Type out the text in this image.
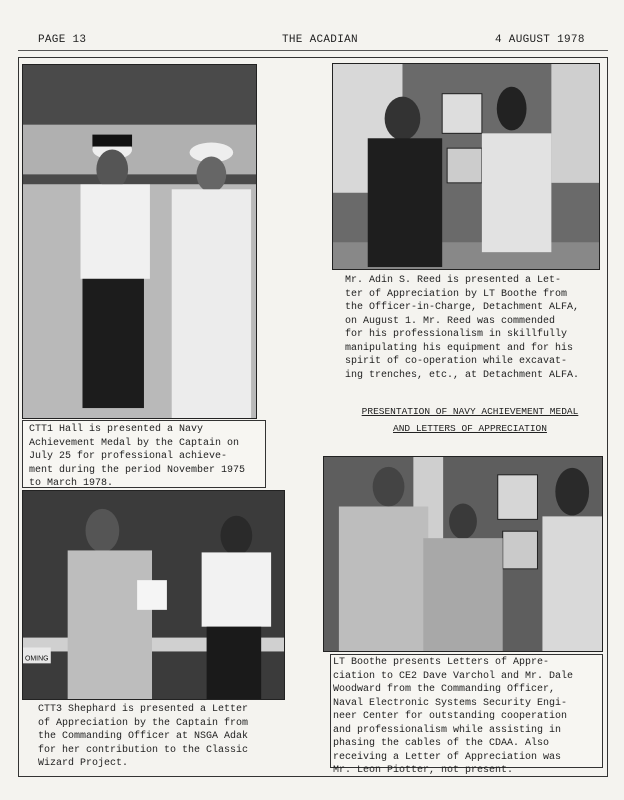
PAGE 13	THE ACADIAN	4 AUGUST 1978
CTT1 Hall is presented a Navy
Achievement Medal by the Captain on
July 25 for professional achieve-
ment during the period November 1975
to March 1978.
Mr. Adin S. Reed is presented a Let-
ter of Appreciation by LT Boothe from
the Officer-in-Charge, Detachment ALFA,
on August 1. Mr. Reed was commended
for his professionalism in skillfully
manipulating his equipment and for his
spirit of co-operation while excavat-
ing trenches, etc., at Detachment ALFA.
PRESENTATION OF NAVY ACHIEVEMENT MEDAL
AND LETTERS OF APPRECIATION
OMING
CTT3 Shephard is presented a Letter
of Appreciation by the Captain from
the Commanding Officer at NSGA Adak
for her contribution to the Classic
Wizard Project.
LT Boothe presents Letters of Appre-
ciation to CE2 Dave Varchol and Mr. Dale
Woodward from the Commanding Officer,
Naval Electronic Systems Security Engi-
neer Center for outstanding cooperation
and professionalism while assisting in
phasing the cables of the CDAA. Also
receiving a Letter of Appreciation was
Mr. Leon Piotter, not present.
